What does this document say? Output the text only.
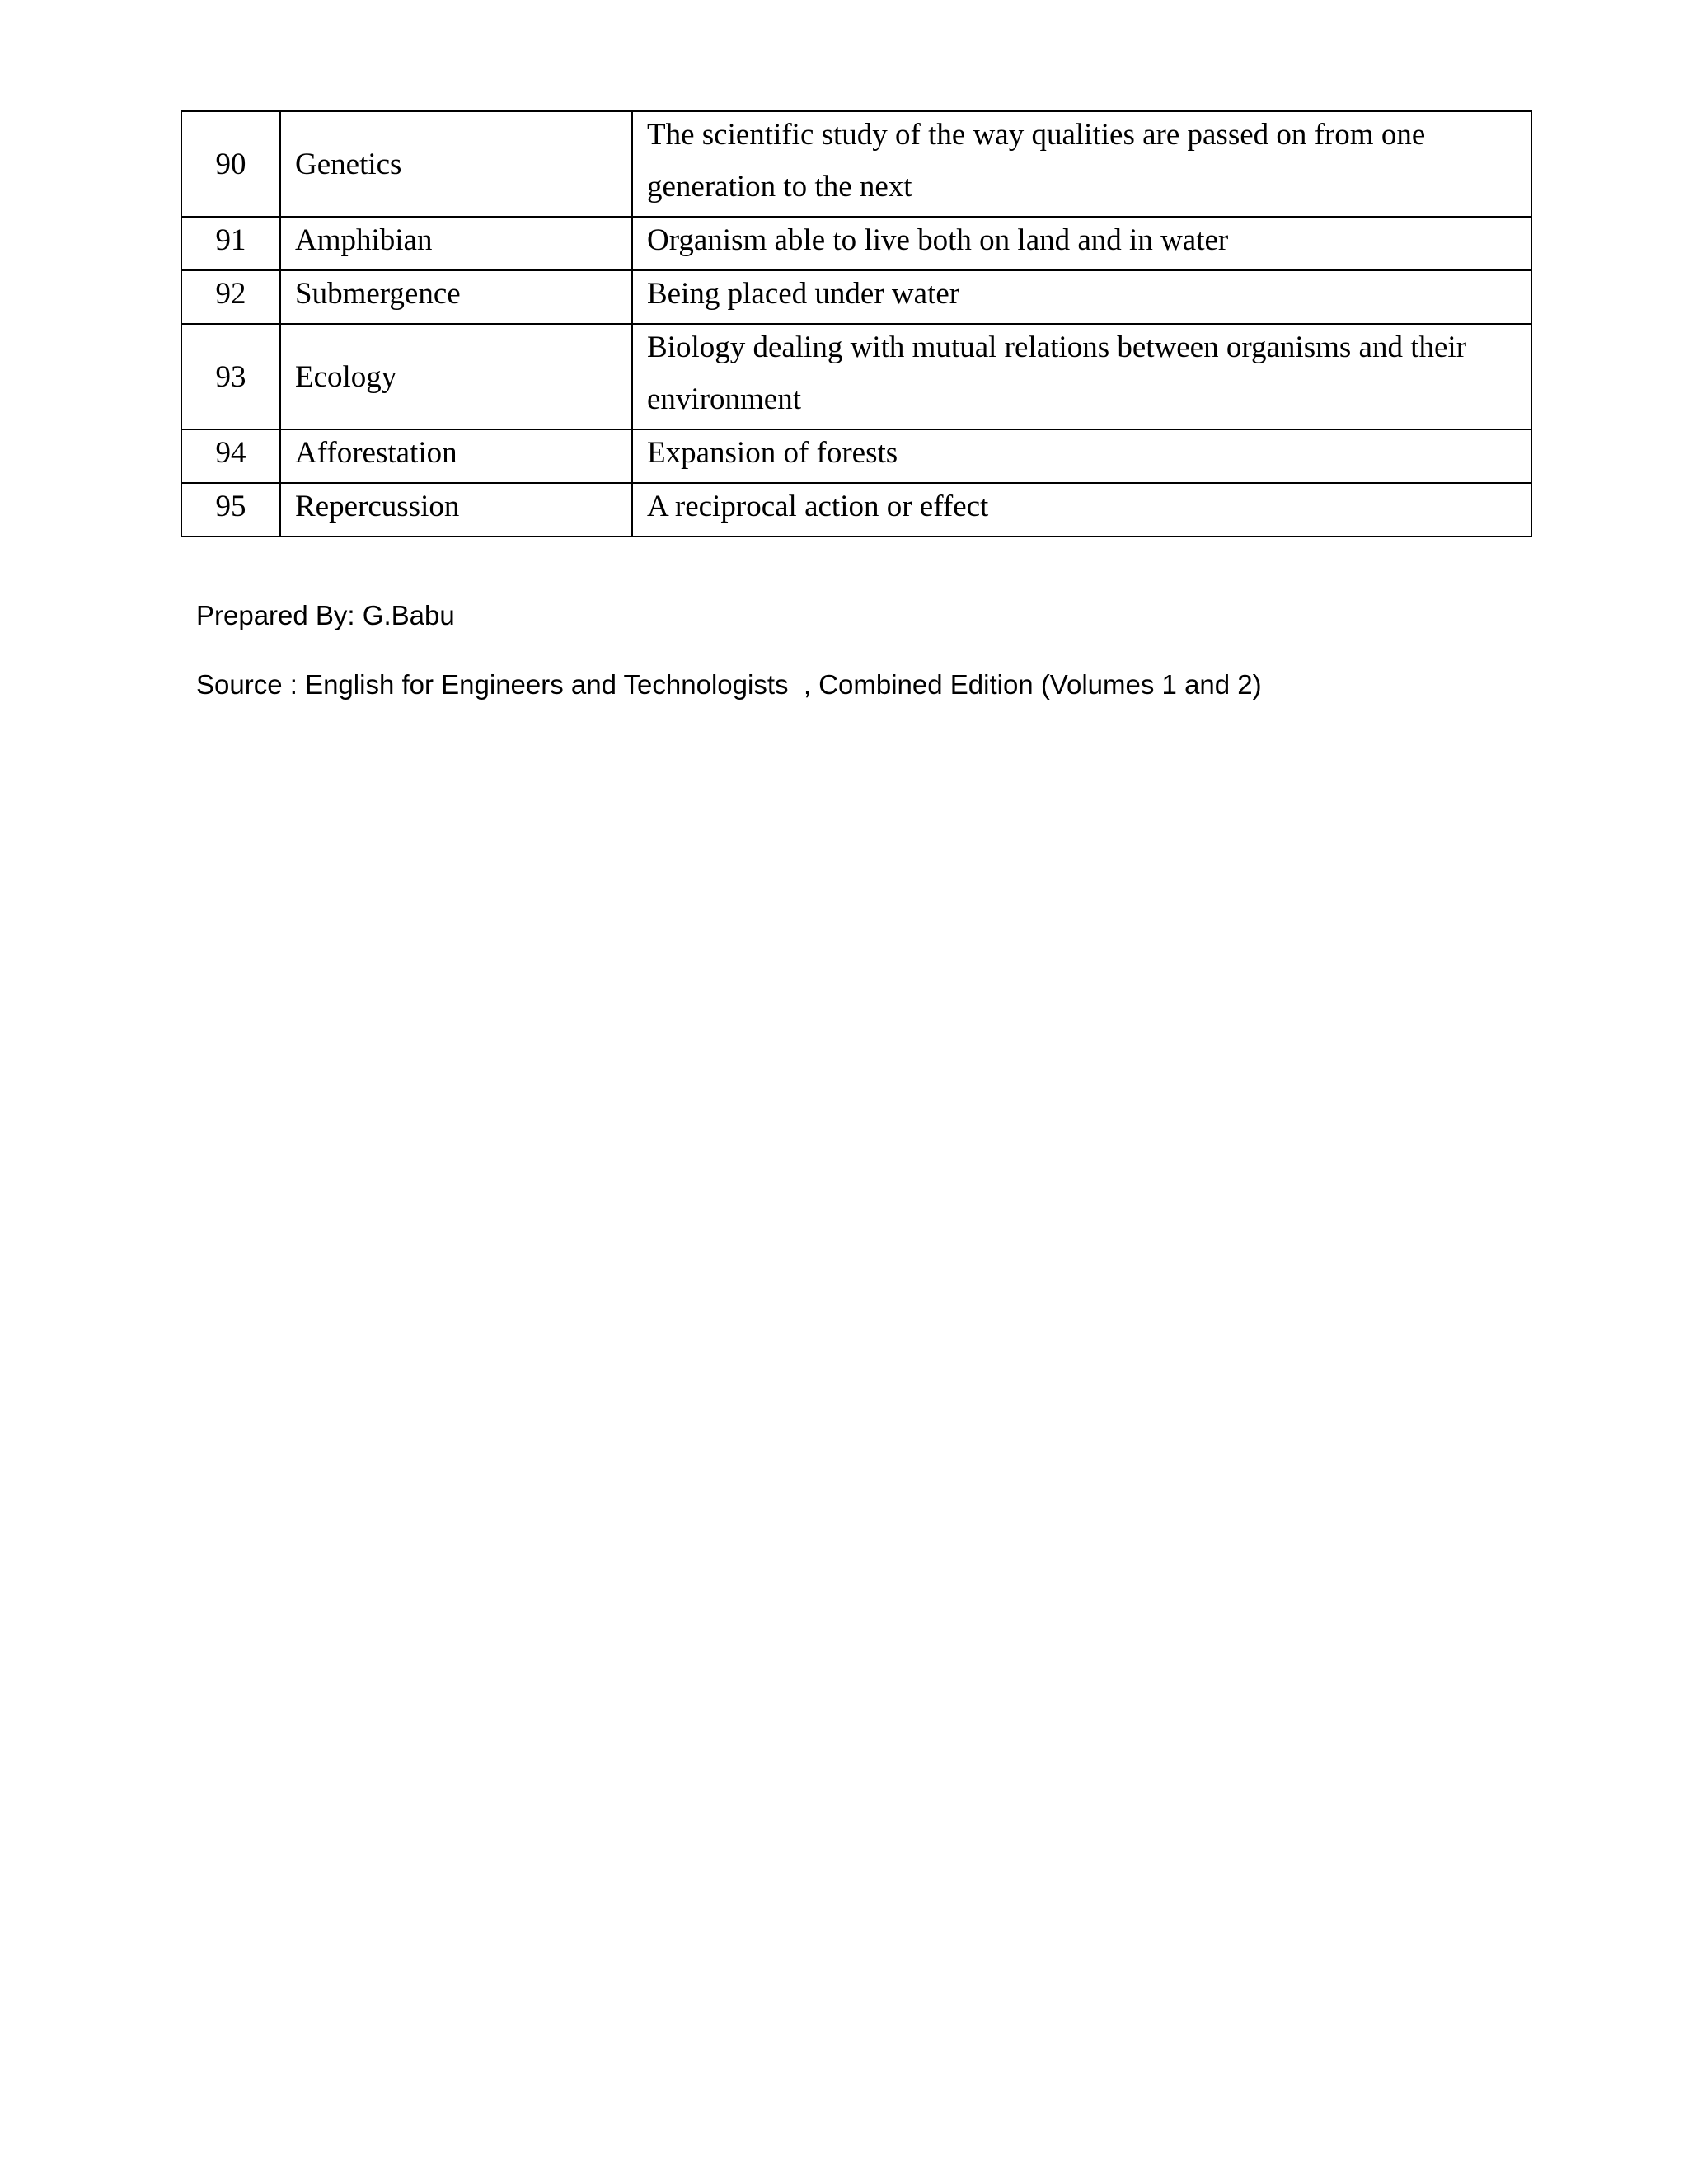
90	Genetics	The scientific study of the way qualities are passed on from one generation to the next

91	Amphibian	Organism able to live both on land and in water
92	Submergence	Being placed under water
93	Ecology	Biology dealing with mutual relations between organisms and their environment

94	Afforestation	Expansion of forests
95	Repercussion	A reciprocal action or effect
Prepared By: G.Babu
Source : English for Engineers and Technologists  , Combined Edition (Volumes 1 and 2)
